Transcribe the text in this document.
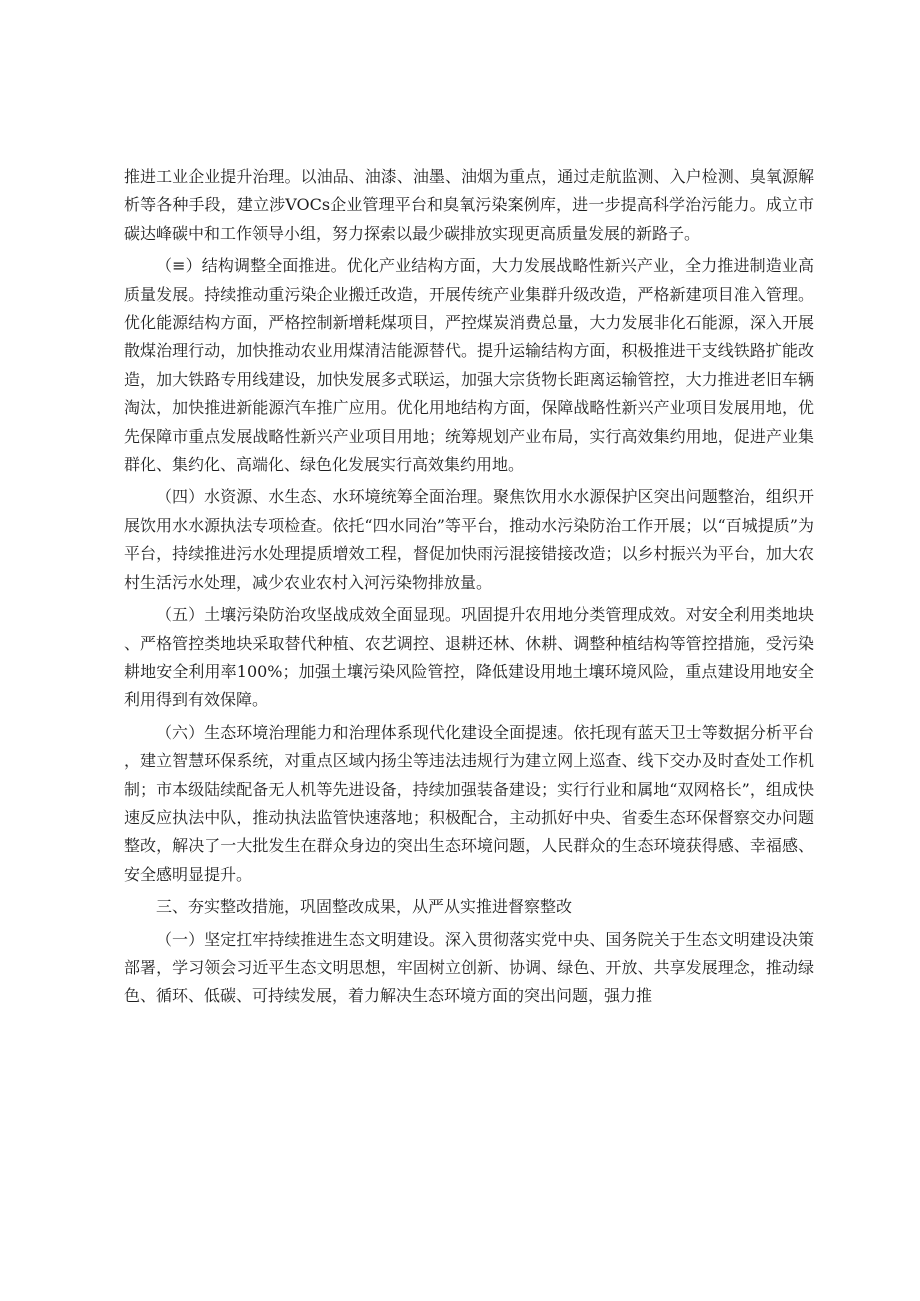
推进工业企业提升治理。以油品、油漆、油墨、油烟为重点，通过走航监测、入户检测、臭氧源解析等各种手段，建立涉VOCs企业管理平台和臭氧污染案例库，进一步提高科学治污能力。成立市碳达峰碳中和工作领导小组，努力探索以最少碳排放实现更高质量发展的新路子。

（≡）结构调整全面推进。优化产业结构方面，大力发展战略性新兴产业，全力推进制造业高质量发展。持续推动重污染企业搬迁改造，开展传统产业集群升级改造，严格新建项目准入管理。优化能源结构方面，严格控制新增耗煤项目，严控煤炭消费总量，大力发展非化石能源，深入开展散煤治理行动，加快推动农业用煤清洁能源替代。提升运输结构方面，积极推进干支线铁路扩能改造，加大铁路专用线建设，加快发展多式联运，加强大宗货物长距离运输管控，大力推进老旧车辆淘汰，加快推进新能源汽车推广应用。优化用地结构方面，保障战略性新兴产业项目发展用地，优先保障市重点发展战略性新兴产业项目用地；统筹规划产业布局，实行高效集约用地，促进产业集群化、集约化、高端化、绿色化发展实行高效集约用地。

（四）水资源、水生态、水环境统筹全面治理。聚焦饮用水水源保护区突出问题整治，组织开展饮用水水源执法专项检查。依托“四水同治”等平台，推动水污染防治工作开展；以“百城提质”为平台，持续推进污水处理提质增效工程，督促加快雨污混接错接改造；以乡村振兴为平台，加大农村生活污水处理，减少农业农村入河污染物排放量。

（五）土壤污染防治攻坚战成效全面显现。巩固提升农用地分类管理成效。对安全利用类地块、严格管控类地块采取替代种植、农艺调控、退耕还林、休耕、调整种植结构等管控措施，受污染耕地安全利用率100%；加强土壤污染风险管控，降低建设用地土壤环境风险，重点建设用地安全利用得到有效保障。

（六）生态环境治理能力和治理体系现代化建设全面提速。依托现有蓝天卫士等数据分析平台，建立智慧环保系统，对重点区域内扬尘等违法违规行为建立网上巡查、线下交办及时查处工作机制；市本级陆续配备无人机等先进设备，持续加强装备建设；实行行业和属地“双网格长”，组成快速反应执法中队，推动执法监管快速落地；积极配合，主动抓好中央、省委生态环保督察交办问题整改，解决了一大批发生在群众身边的突出生态环境问题，人民群众的生态环境获得感、幸福感、安全感明显提升。

三、夯实整改措施，巩固整改成果，从严从实推进督察整改

（一）坚定扛牢持续推进生态文明建设。深入贯彻落实党中央、国务院关于生态文明建设决策部署，学习领会习近平生态文明思想，牢固树立创新、协调、绿色、开放、共享发展理念，推动绿色、循环、低碳、可持续发展，着力解决生态环境方面的突出问题，强力推
